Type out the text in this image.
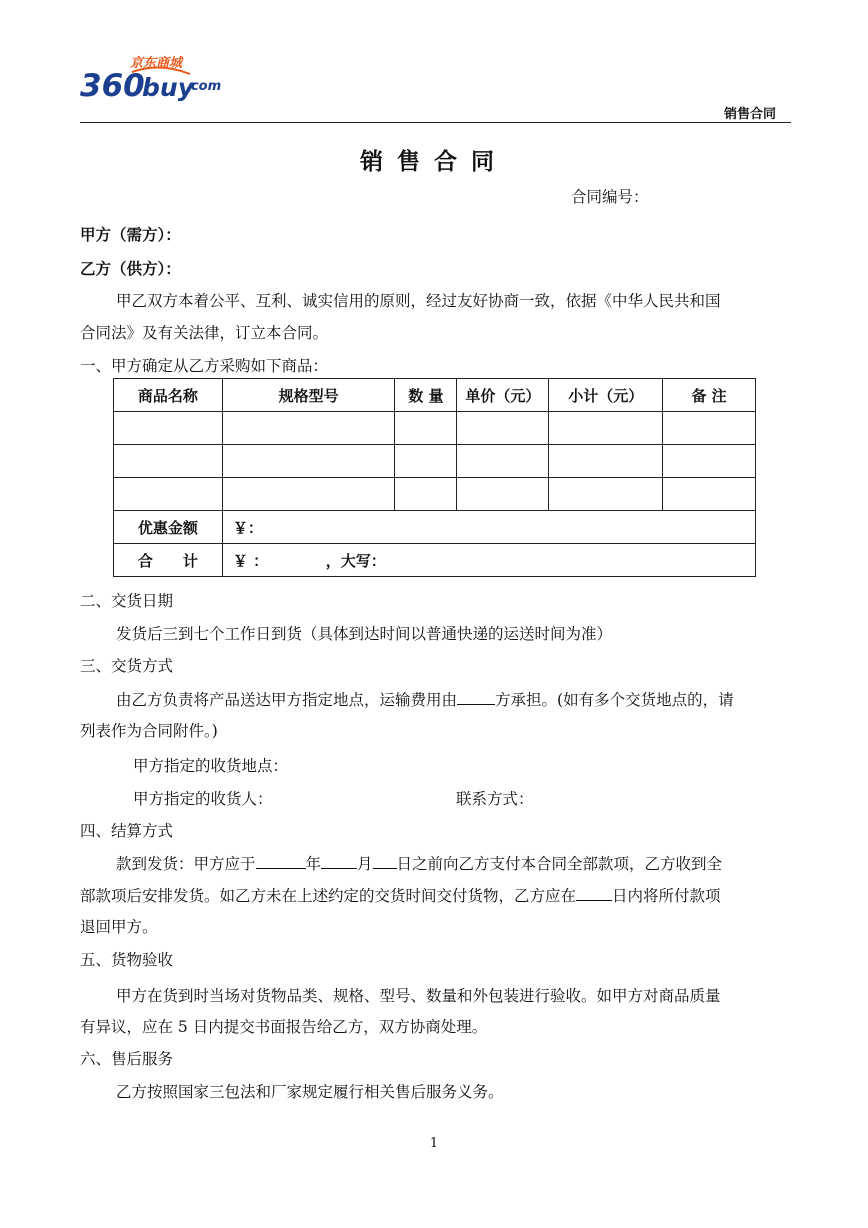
京东商城
360
buy
.com
销售合同
销售合同
合同编号：
甲方（需方）：
乙方（供方）：
甲乙双方本着公平、互利、诚实信用的原则，经过友好协商一致，依据《中华人民共和国
合同法》及有关法律，订立本合同。
一、甲方确定从乙方采购如下商品：
商品名称	规格型号	数 量	单价（元）	小计（元）	备 注

优惠金额	￥：				
合　　计	￥ ：　　　　 ，大写：				
二、交货日期
发货后三到七个工作日到货（具体到达时间以普通快递的运送时间为准）
三、交货方式
由乙方负责将产品送达甲方指定地点，运输费用由 方承担。(如有多个交货地点的，请
列表作为合同附件。)
甲方指定的收货地点：
甲方指定的收货人：	联系方式：
四、结算方式
款到发货：甲方应于	年 月 日之前向乙方支付本合同全部款项，乙方收到全
部款项后安排发货。如乙方未在上述约定的交货时间交付货物，乙方应在 日内将所付款项
退回甲方。
五、货物验收
甲方在货到时当场对货物品类、规格、型号、数量和外包装进行验收。如甲方对商品质量
有异议，应在 5 日内提交书面报告给乙方，双方协商处理。
六、售后服务
乙方按照国家三包法和厂家规定履行相关售后服务义务。
1
